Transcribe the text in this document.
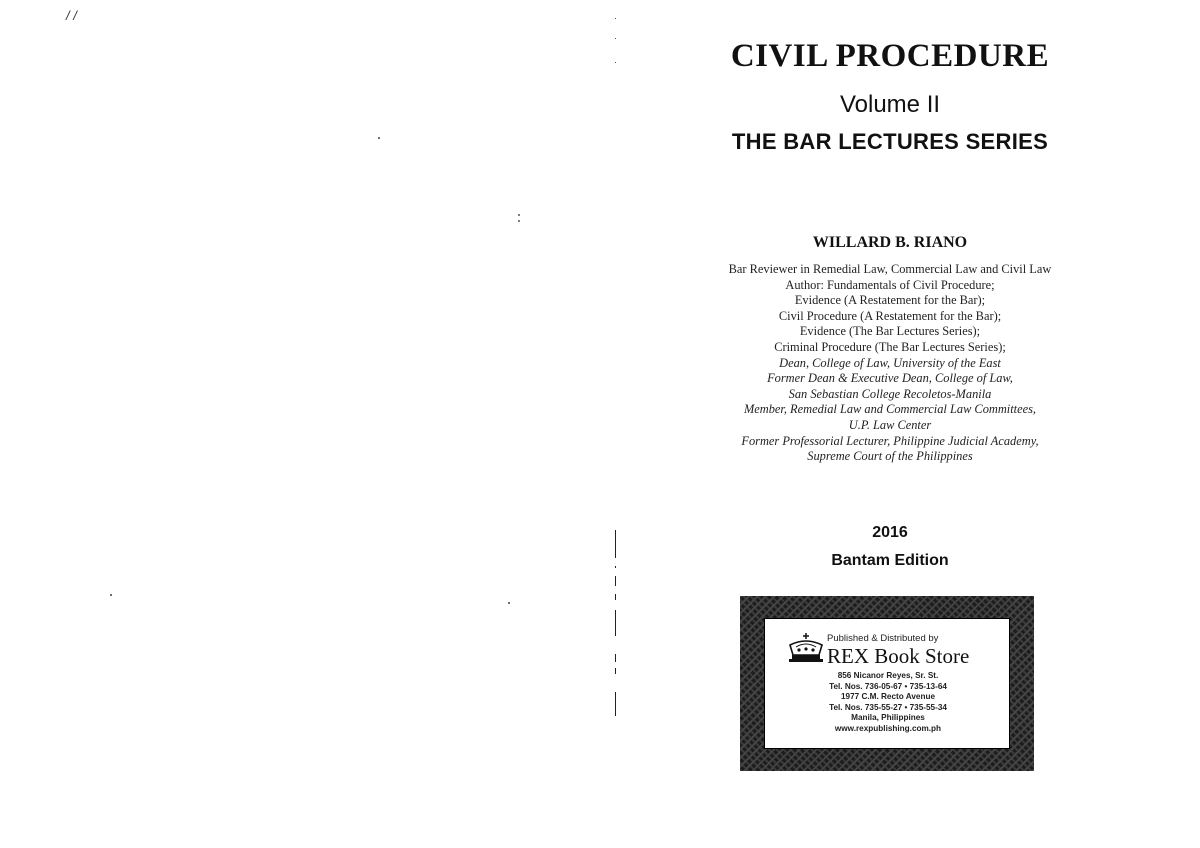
/ /
CIVIL PROCEDURE
Volume II
THE BAR LECTURES SERIES
WILLARD B. RIANO
Bar Reviewer in Remedial Law, Commercial Law and Civil Law
Author: Fundamentals of Civil Procedure;
Evidence (A Restatement for the Bar);
Civil Procedure (A Restatement for the Bar);
Evidence (The Bar Lectures Series);
Criminal Procedure (The Bar Lectures Series);
Dean, College of Law, University of the East
Former Dean & Executive Dean, College of Law,
San Sebastian College Recoletos-Manila
Member, Remedial Law and Commercial Law Committees,
U.P. Law Center
Former Professorial Lecturer, Philippine Judicial Academy,
Supreme Court of the Philippines
2016
Bantam Edition
Published & Distributed by
REX Book Store
856 Nicanor Reyes, Sr. St.
Tel. Nos. 736-05-67 • 735-13-64
1977 C.M. Recto Avenue
Tel. Nos. 735-55-27 • 735-55-34
Manila, Philippines
www.rexpublishing.com.ph
